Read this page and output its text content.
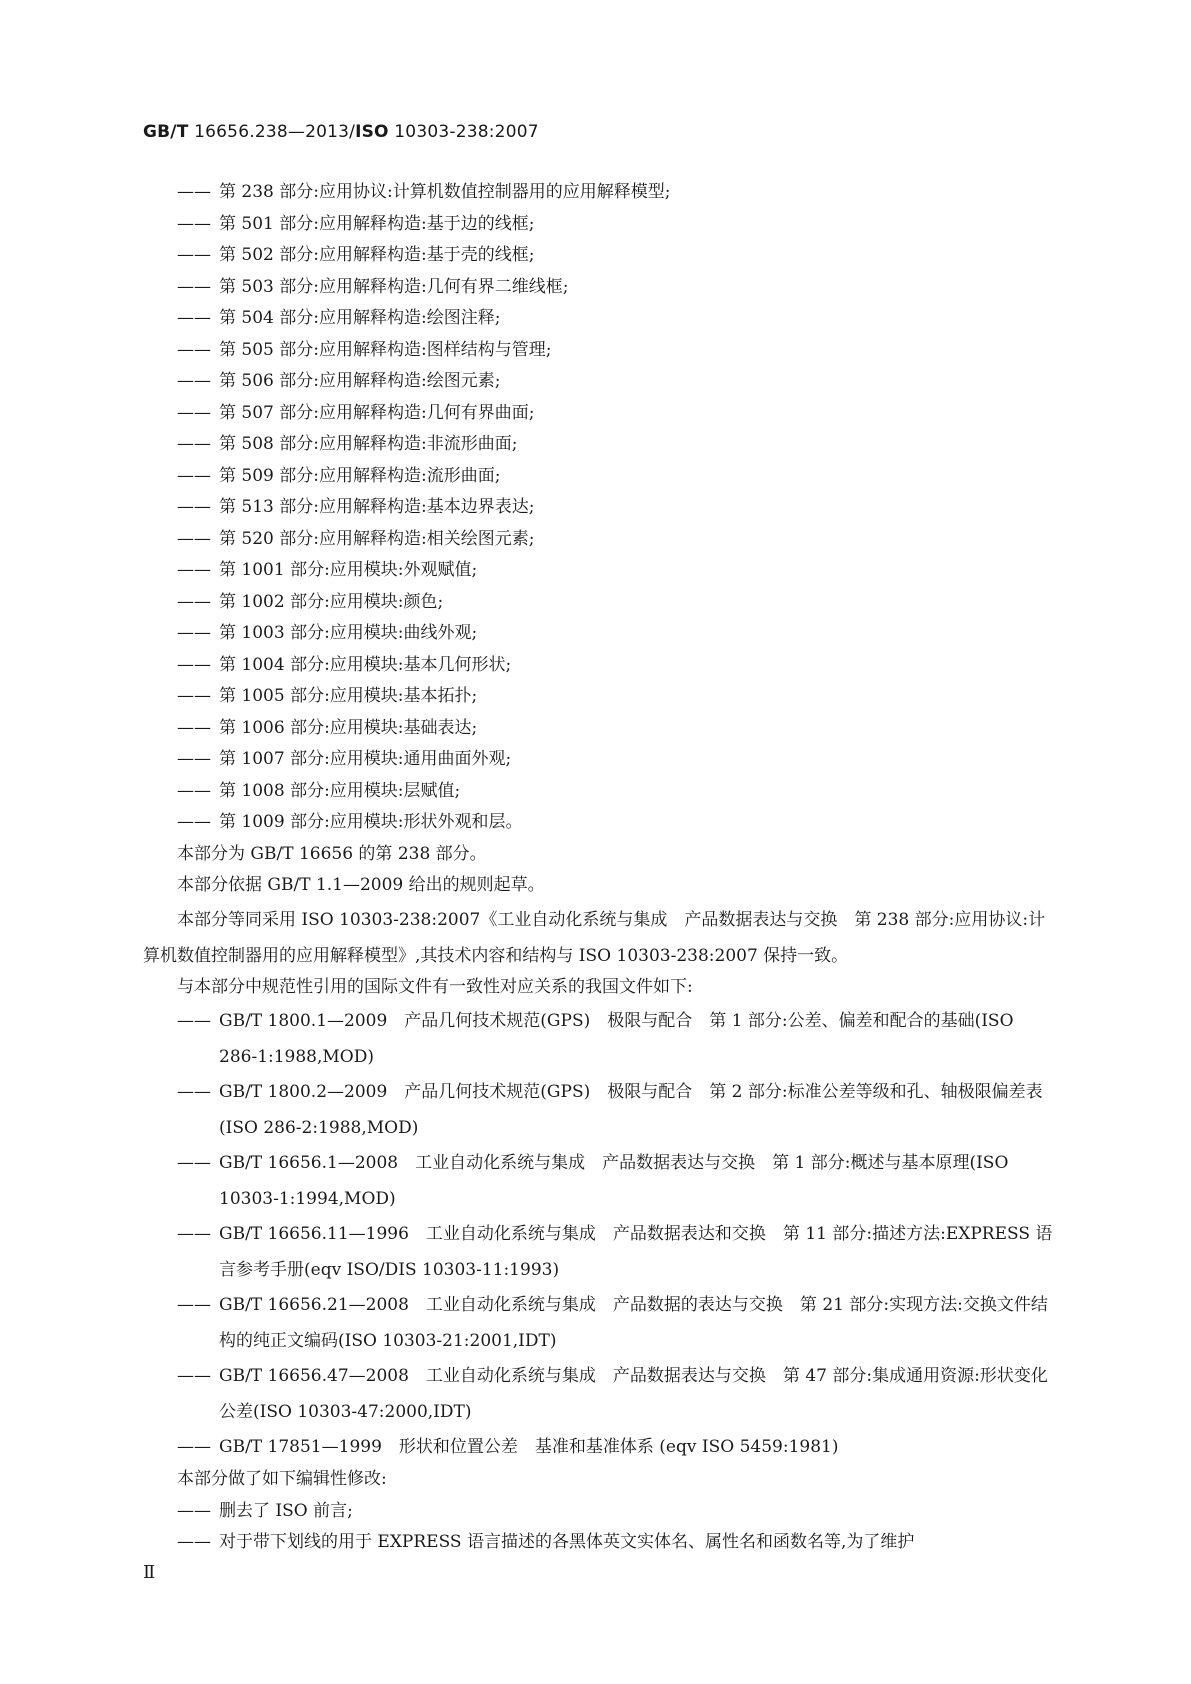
GB/T 16656.238—2013/ISO 10303-238:2007
—— 第 238 部分:应用协议:计算机数值控制器用的应用解释模型;
—— 第 501 部分:应用解释构造:基于边的线框;
—— 第 502 部分:应用解释构造:基于壳的线框;
—— 第 503 部分:应用解释构造:几何有界二维线框;
—— 第 504 部分:应用解释构造:绘图注释;
—— 第 505 部分:应用解释构造:图样结构与管理;
—— 第 506 部分:应用解释构造:绘图元素;
—— 第 507 部分:应用解释构造:几何有界曲面;
—— 第 508 部分:应用解释构造:非流形曲面;
—— 第 509 部分:应用解释构造:流形曲面;
—— 第 513 部分:应用解释构造:基本边界表达;
—— 第 520 部分:应用解释构造:相关绘图元素;
—— 第 1001 部分:应用模块:外观赋值;
—— 第 1002 部分:应用模块:颜色;
—— 第 1003 部分:应用模块:曲线外观;
—— 第 1004 部分:应用模块:基本几何形状;
—— 第 1005 部分:应用模块:基本拓扑;
—— 第 1006 部分:应用模块:基础表达;
—— 第 1007 部分:应用模块:通用曲面外观;
—— 第 1008 部分:应用模块:层赋值;
—— 第 1009 部分:应用模块:形状外观和层。
本部分为 GB/T 16656 的第 238 部分。
本部分依据 GB/T 1.1—2009 给出的规则起草。
本部分等同采用 ISO 10303-238:2007《工业自动化系统与集成　产品数据表达与交换　第 238 部分:应用协议:计算机数值控制器用的应用解释模型》,其技术内容和结构与 ISO 10303-238:2007 保持一致。
与本部分中规范性引用的国际文件有一致性对应关系的我国文件如下:
—— GB/T 1800.1—2009　产品几何技术规范(GPS)　极限与配合　第 1 部分:公差、偏差和配合的基础(ISO 286-1:1988,MOD)
—— GB/T 1800.2—2009　产品几何技术规范(GPS)　极限与配合　第 2 部分:标准公差等级和孔、轴极限偏差表(ISO 286-2:1988,MOD)
—— GB/T 16656.1—2008　工业自动化系统与集成　产品数据表达与交换　第 1 部分:概述与基本原理(ISO 10303-1:1994,MOD)
—— GB/T 16656.11—1996　工业自动化系统与集成　产品数据表达和交换　第 11 部分:描述方法:EXPRESS 语言参考手册(eqv ISO/DIS 10303-11:1993)
—— GB/T 16656.21—2008　工业自动化系统与集成　产品数据的表达与交换　第 21 部分:实现方法:交换文件结构的纯正文编码(ISO 10303-21:2001,IDT)
—— GB/T 16656.47—2008　工业自动化系统与集成　产品数据表达与交换　第 47 部分:集成通用资源:形状变化公差(ISO 10303-47:2000,IDT)
—— GB/T 17851—1999　形状和位置公差　基准和基准体系 (eqv ISO 5459:1981)
本部分做了如下编辑性修改:
—— 删去了 ISO 前言;
—— 对于带下划线的用于 EXPRESS 语言描述的各黑体英文实体名、属性名和函数名等,为了维护
Ⅱ
